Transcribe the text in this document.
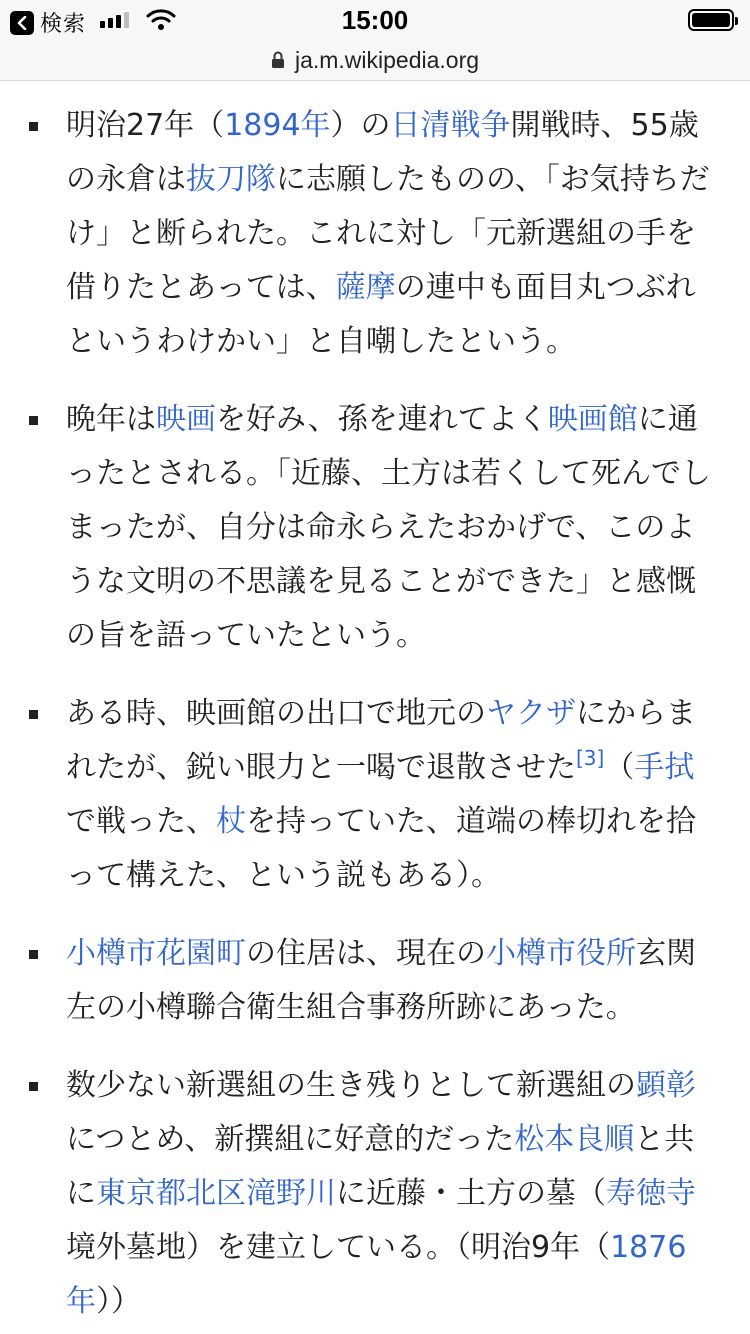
検索	15:00
ja.m.wikipedia.org
明治27年（1894年）の日清戦争開戦時、55歳の永倉は抜刀隊に志願したものの、「お気持ちだけ」と断られた。これに対し「元新選組の手を借りたとあっては、薩摩の連中も面目丸つぶれというわけかい」と自嘲したという。
晩年は映画を好み、孫を連れてよく映画館に通ったとされる。「近藤、土方は若くして死んでしまったが、自分は命永らえたおかげで、このような文明の不思議を見ることができた」と感慨の旨を語っていたという。
ある時、映画館の出口で地元のヤクザにからまれたが、鋭い眼力と一喝で退散させた[3]（手拭で戦った、杖を持っていた、道端の棒切れを拾って構えた、という説もある）。
小樽市花園町の住居は、現在の小樽市役所玄関左の小樽聯合衛生組合事務所跡にあった。
数少ない新選組の生き残りとして新選組の顕彰につとめ、新撰組に好意的だった松本良順と共に東京都北区滝野川に近藤・土方の墓（寿徳寺境外墓地）を建立している。（明治9年（1876年））
